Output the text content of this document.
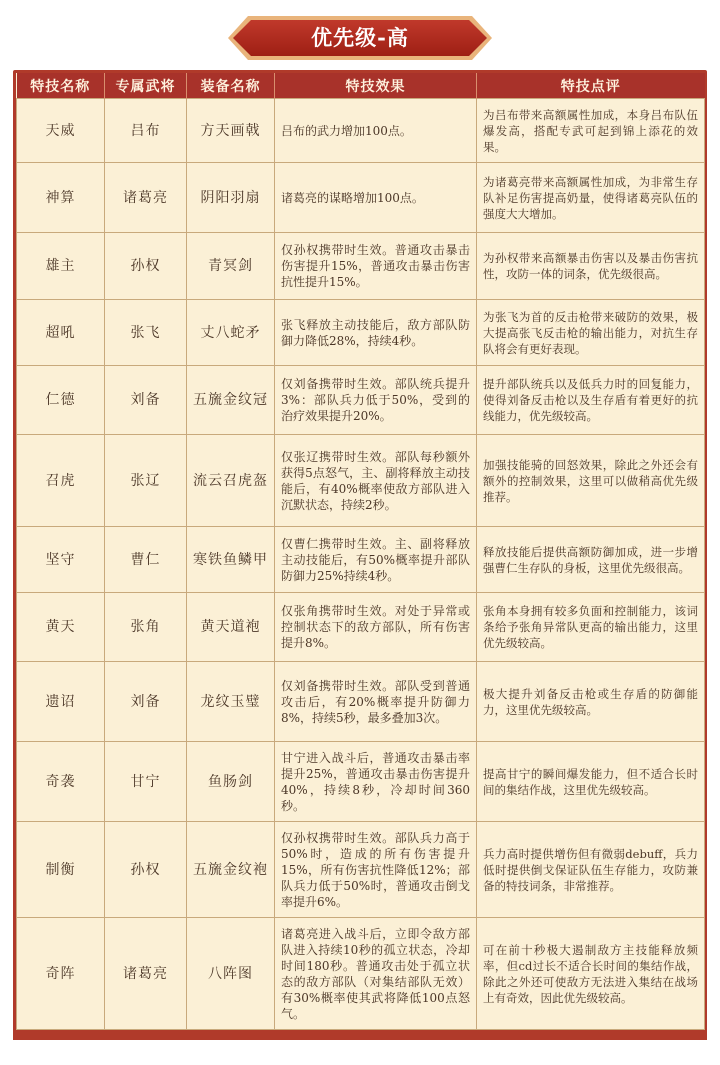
优先级-高
特技名称	专属武将	装备名称	特技效果	特技点评
天威	吕布	方天画戟	吕布的武力增加100点。	为吕布带来高额属性加成，本身吕布队伍爆发高，搭配专武可起到锦上添花的效果。
神算	诸葛亮	阴阳羽扇	诸葛亮的谋略增加100点。	为诸葛亮带来高额属性加成，为非常生存队补足伤害提高奶量，使得诸葛亮队伍的强度大大增加。
雄主	孙权	青冥剑	仅孙权携带时生效。普通攻击暴击伤害提升15%，普通攻击暴击伤害抗性提升15%。	为孙权带来高额暴击伤害以及暴击伤害抗性，攻防一体的词条，优先级很高。
超吼	张飞	丈八蛇矛	张飞释放主动技能后，敌方部队防御力降低28%，持续4秒。	为张飞为首的反击枪带来破防的效果，极大提高张飞反击枪的输出能力，对抗生存队将会有更好表现。
仁德	刘备	五旒金纹冠	仅刘备携带时生效。部队统兵提升3%：部队兵力低于50%，受到的治疗效果提升20%。	提升部队统兵以及低兵力时的回复能力，使得刘备反击枪以及生存盾有着更好的抗线能力，优先级较高。
召虎	张辽	流云召虎盔	仅张辽携带时生效。部队每秒额外获得5点怒气，主、副将释放主动技能后，有40%概率使敌方部队进入沉默状态，持续2秒。	加强技能骑的回怒效果，除此之外还会有额外的控制效果，这里可以做稍高优先级推荐。
坚守	曹仁	寒铁鱼鳞甲	仅曹仁携带时生效。主、副将释放主动技能后，有50%概率提升部队防御力25%持续4秒。	释放技能后提供高额防御加成，进一步增强曹仁生存队的身板，这里优先级很高。
黄天	张角	黄天道袍	仅张角携带时生效。对处于异常或控制状态下的敌方部队，所有伤害提升8%。	张角本身拥有较多负面和控制能力，该词条给予张角异常队更高的输出能力，这里优先级较高。
遗诏	刘备	龙纹玉璧	仅刘备携带时生效。部队受到普通攻击后，有20%概率提升防御力8%，持续5秒，最多叠加3次。	极大提升刘备反击枪或生存盾的防御能力，这里优先级较高。
奇袭	甘宁	鱼肠剑	甘宁进入战斗后，普通攻击暴击率提升25%，普通攻击暴击伤害提升40%，持续8秒，冷却时间360秒。	提高甘宁的瞬间爆发能力，但不适合长时间的集结作战，这里优先级较高。
制衡	孙权	五旒金纹袍	仅孙权携带时生效。部队兵力高于50%时，造成的所有伤害提升15%，所有伤害抗性降低12%；部队兵力低于50%时，普通攻击倒戈率提升6%。	兵力高时提供增伤但有微弱debuff，兵力低时提供倒戈保证队伍生存能力，攻防兼备的特技词条，非常推荐。
奇阵	诸葛亮	八阵图	诸葛亮进入战斗后，立即令敌方部队进入持续10秒的孤立状态，冷却时间180秒。普通攻击处于孤立状态的敌方部队（对集结部队无效）有30%概率使其武将降低100点怒气。	可在前十秒极大遏制敌方主技能释放频率，但cd过长不适合长时间的集结作战，除此之外还可使敌方无法进入集结在战场上有奇效，因此优先级较高。
